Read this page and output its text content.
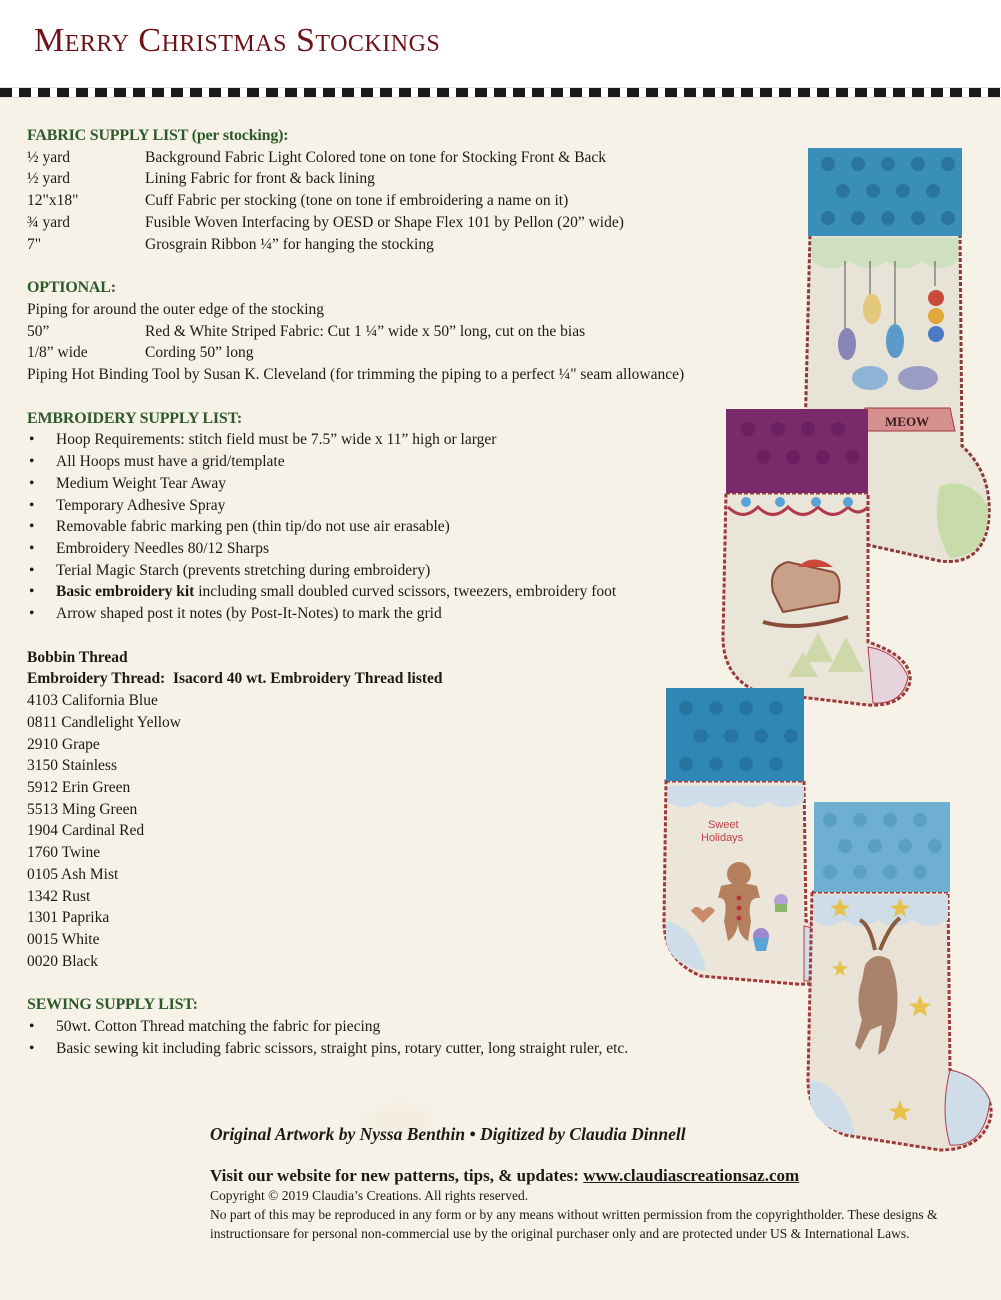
Merry Christmas Stockings
MEOW
Sweet
Holidays
FABRIC SUPPLY LIST (per stocking):
½ yard	Background Fabric Light Colored tone on tone for Stocking Front & Back
½ yard	Lining Fabric for front & back lining
12"x18"	Cuff Fabric per stocking (tone on tone if embroidering a name on it)
¾ yard	Fusible Woven Interfacing by OESD or Shape Flex 101 by Pellon (20” wide)
7"	Grosgrain Ribbon ¼” for hanging the stocking
OPTIONAL:
Piping for around the outer edge of the stocking
50”	Red & White Striped Fabric: Cut 1 ¼” wide x 50” long, cut on the bias
1/8” wide	Cording 50” long
Piping Hot Binding Tool by Susan K. Cleveland (for trimming the piping to a perfect ¼" seam allowance)
EMBROIDERY SUPPLY LIST:
• Hoop Requirements: stitch field must be 7.5” wide x 11” high or larger
• All Hoops must have a grid/template
• Medium Weight Tear Away
• Temporary Adhesive Spray
• Removable fabric marking pen (thin tip/do not use air erasable)
• Embroidery Needles 80/12 Sharps
• Terial Magic Starch (prevents stretching during embroidery)
• Basic embroidery kit including small doubled curved scissors, tweezers, embroidery foot
• Arrow shaped post it notes (by Post-It-Notes) to mark the grid
Bobbin Thread
Embroidery Thread:  Isacord 40 wt. Embroidery Thread listed
4103 California Blue
0811 Candlelight Yellow
2910 Grape
3150 Stainless
5912 Erin Green
5513 Ming Green
1904 Cardinal Red
1760 Twine
0105 Ash Mist
1342 Rust
1301 Paprika
0015 White
0020 Black
SEWING SUPPLY LIST:
• 50wt. Cotton Thread matching the fabric for piecing
• Basic sewing kit including fabric scissors, straight pins, rotary cutter, long straight ruler, etc.
Original Artwork by Nyssa Benthin • Digitized by Claudia Dinnell
Visit our website for new patterns, tips, & updates: www.claudiascreationsaz.com
Copyright © 2019 Claudia’s Creations. All rights reserved.
No part of this may be reproduced in any form or by any means without written permission from the copyrightholder. These designs & instructionsare for personal non-commercial use by the original purchaser only and are protected under US & International Laws.
